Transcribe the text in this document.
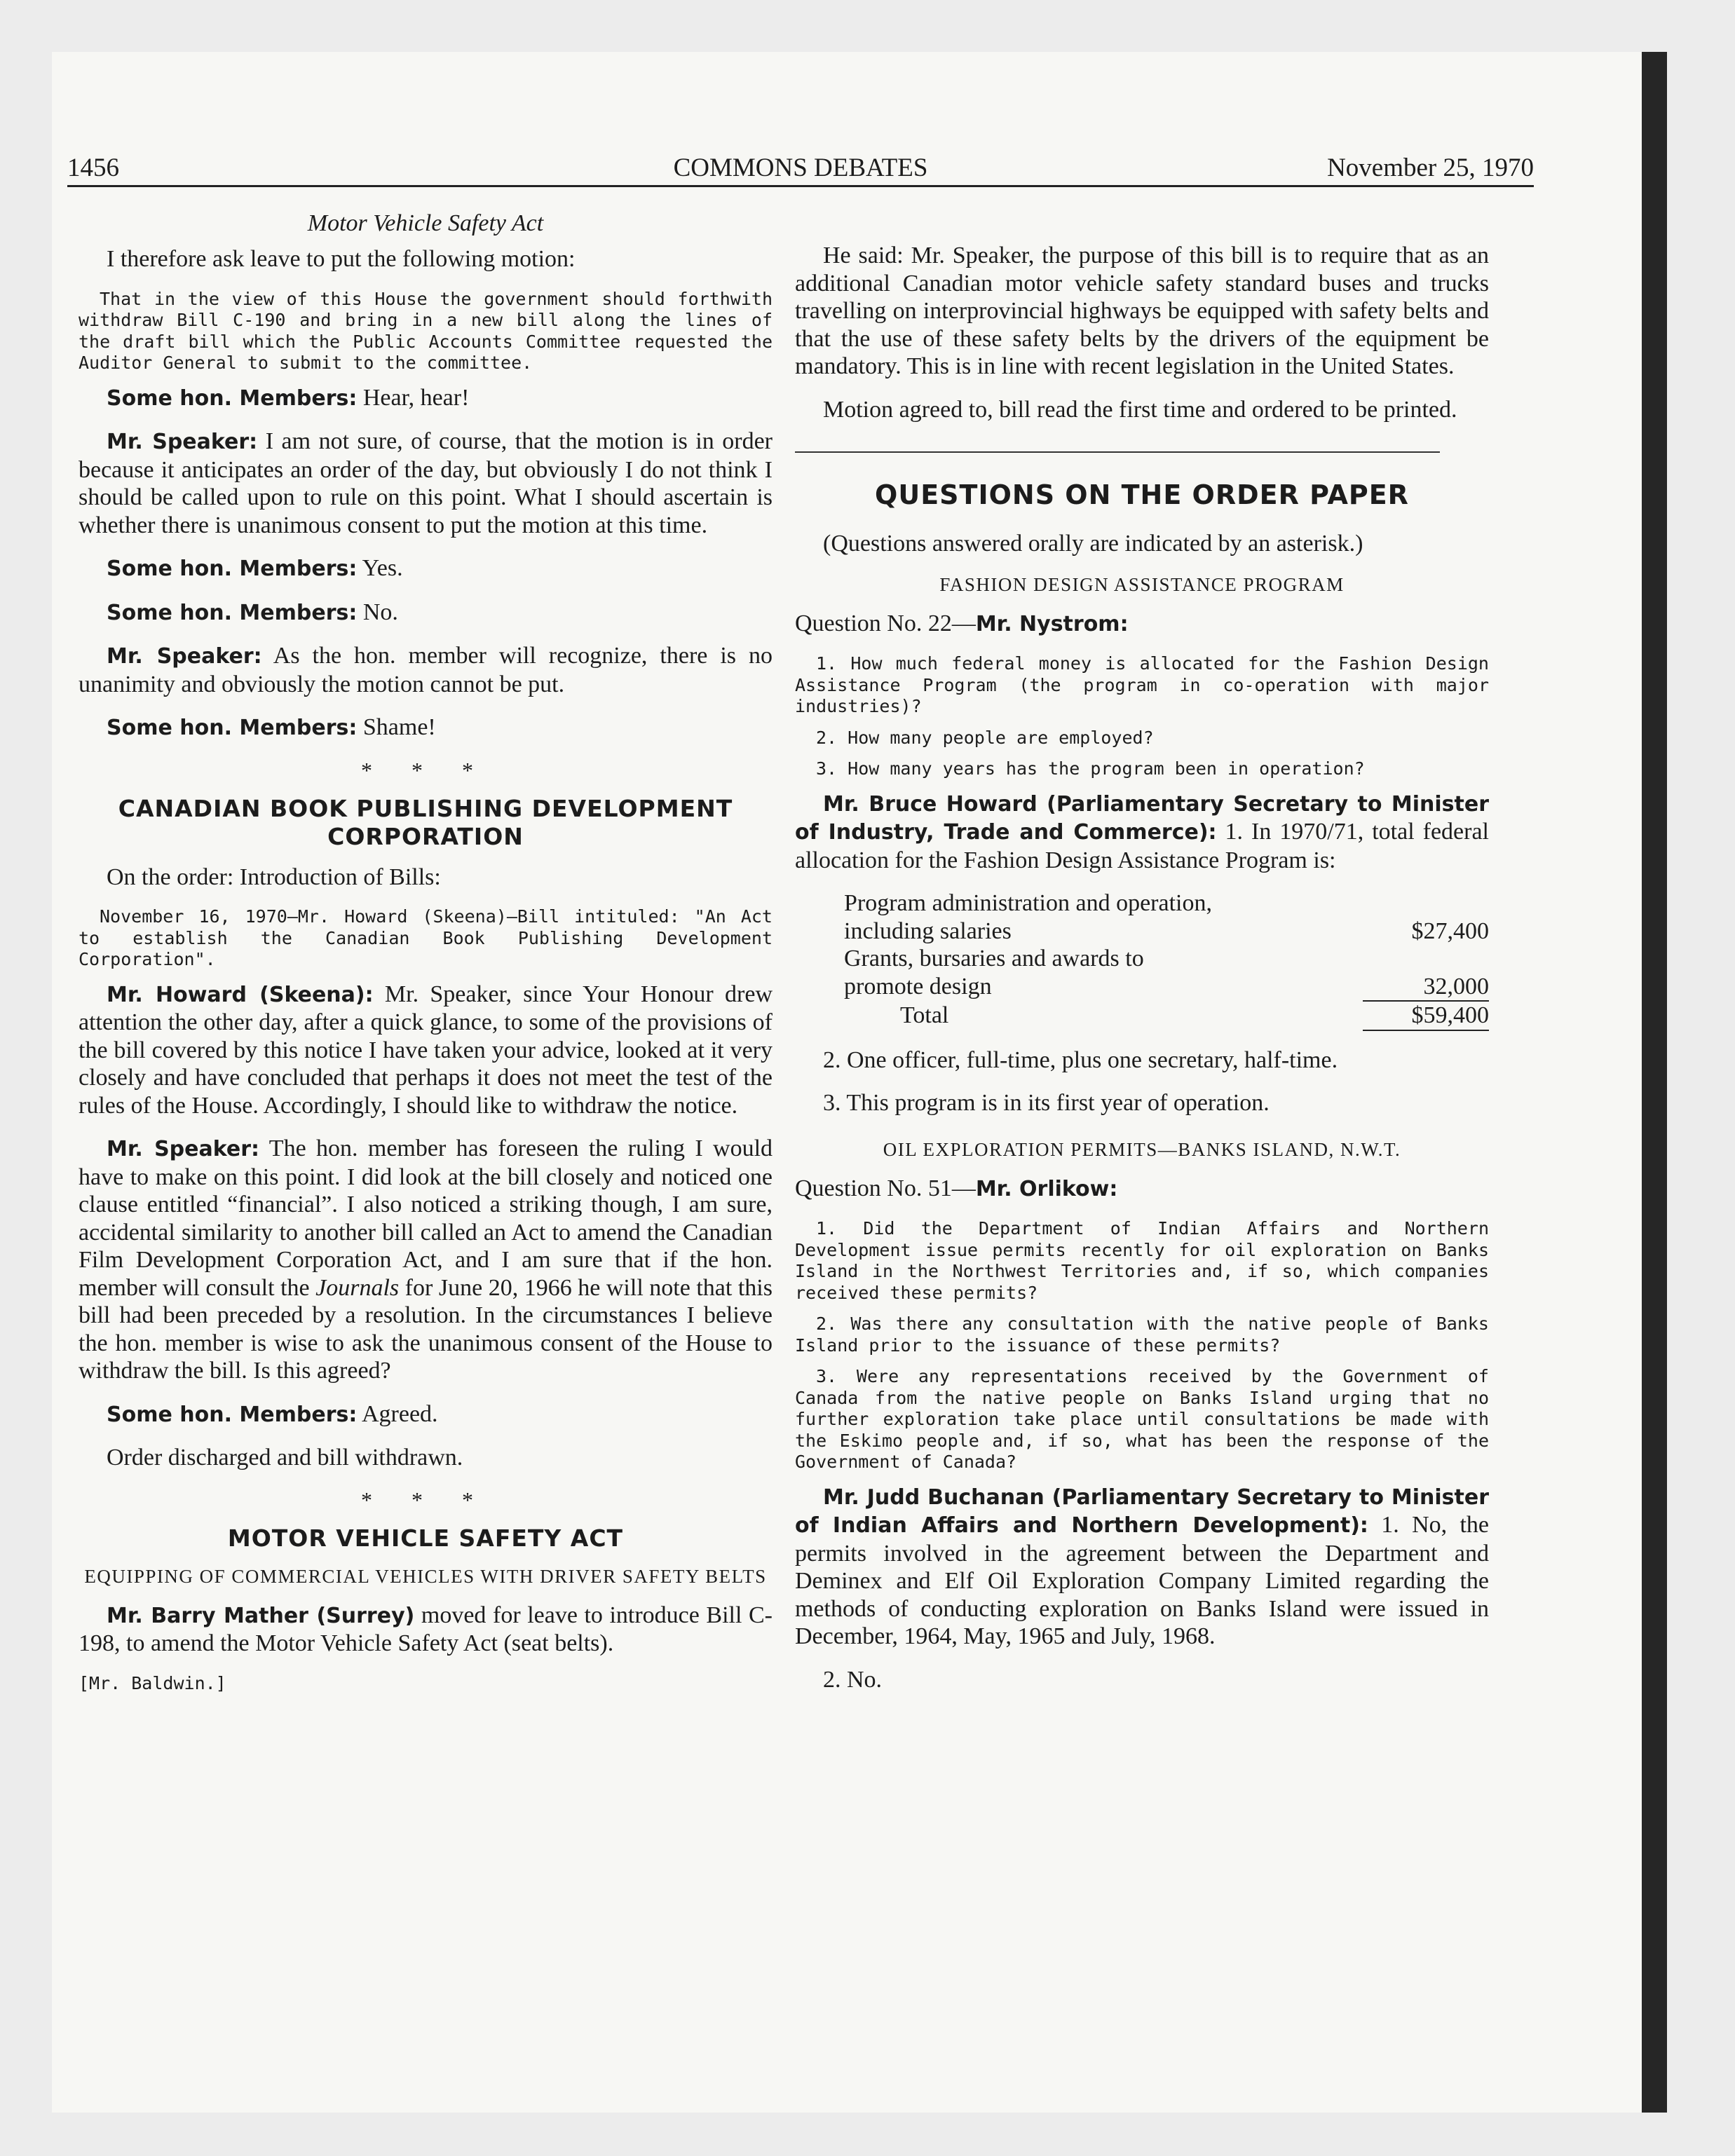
1456	COMMONS DEBATES	November 25, 1970
Motor Vehicle Safety Act

I therefore ask leave to put the following motion:

That in the view of this House the government should forthwith withdraw Bill C-190 and bring in a new bill along the lines of the draft bill which the Public Accounts Committee requested the Auditor General to submit to the committee.

Some hon. Members: Hear, hear!

Mr. Speaker: I am not sure, of course, that the motion is in order because it anticipates an order of the day, but obviously I do not think I should be called upon to rule on this point. What I should ascertain is whether there is unanimous consent to put the motion at this time.

Some hon. Members: Yes.

Some hon. Members: No.

Mr. Speaker: As the hon. member will recognize, there is no unanimity and obviously the motion cannot be put.

Some hon. Members: Shame!

* * *
CANADIAN BOOK PUBLISHING DEVELOPMENT CORPORATION

On the order: Introduction of Bills:

November 16, 1970—Mr. Howard (Skeena)—Bill intituled: "An Act to establish the Canadian Book Publishing Development Corporation".

Mr. Howard (Skeena): Mr. Speaker, since Your Honour drew attention the other day, after a quick glance, to some of the provisions of the bill covered by this notice I have taken your advice, looked at it very closely and have concluded that perhaps it does not meet the test of the rules of the House. Accordingly, I should like to withdraw the notice.

Mr. Speaker: The hon. member has foreseen the ruling I would have to make on this point. I did look at the bill closely and noticed one clause entitled “financial”. I also noticed a striking though, I am sure, accidental similarity to another bill called an Act to amend the Canadian Film Development Corporation Act, and I am sure that if the hon. member will consult the Journals for June 20, 1966 he will note that this bill had been preceded by a resolution. In the circumstances I believe the hon. member is wise to ask the unanimous consent of the House to withdraw the bill. Is this agreed?

Some hon. Members: Agreed.

Order discharged and bill withdrawn.

* * *
MOTOR VEHICLE SAFETY ACT
EQUIPPING OF COMMERCIAL VEHICLES WITH DRIVER SAFETY BELTS

Mr. Barry Mather (Surrey) moved for leave to introduce Bill C-198, to amend the Motor Vehicle Safety Act (seat belts).

[Mr. Baldwin.]

He said: Mr. Speaker, the purpose of this bill is to require that as an additional Canadian motor vehicle safety standard buses and trucks travelling on interprovincial highways be equipped with safety belts and that the use of these safety belts by the drivers of the equipment be mandatory. This is in line with recent legislation in the United States.

Motion agreed to, bill read the first time and ordered to be printed.

QUESTIONS ON THE ORDER PAPER

(Questions answered orally are indicated by an asterisk.)

FASHION DESIGN ASSISTANCE PROGRAM

Question No. 22—Mr. Nystrom:

1. How much federal money is allocated for the Fashion Design Assistance Program (the program in co-operation with major industries)?

2. How many people are employed?

3. How many years has the program been in operation?

Mr. Bruce Howard (Parliamentary Secretary to Minister of Industry, Trade and Commerce): 1. In 1970/71, total federal allocation for the Fashion Design Assistance Program is:

Program administration and operation,
including salaries	$27,400
Grants, bursaries and awards to
promote design	32,000
Total	$59,400

2. One officer, full-time, plus one secretary, half-time.

3. This program is in its first year of operation.

OIL EXPLORATION PERMITS—BANKS ISLAND, N.W.T.

Question No. 51—Mr. Orlikow:

1. Did the Department of Indian Affairs and Northern Development issue permits recently for oil exploration on Banks Island in the Northwest Territories and, if so, which companies received these permits?

2. Was there any consultation with the native people of Banks Island prior to the issuance of these permits?

3. Were any representations received by the Government of Canada from the native people on Banks Island urging that no further exploration take place until consultations be made with the Eskimo people and, if so, what has been the response of the Government of Canada?

Mr. Judd Buchanan (Parliamentary Secretary to Minister of Indian Affairs and Northern Development): 1. No, the permits involved in the agreement between the Department and Deminex and Elf Oil Exploration Company Limited regarding the methods of conducting exploration on Banks Island were issued in December, 1964, May, 1965 and July, 1968.

2. No.
